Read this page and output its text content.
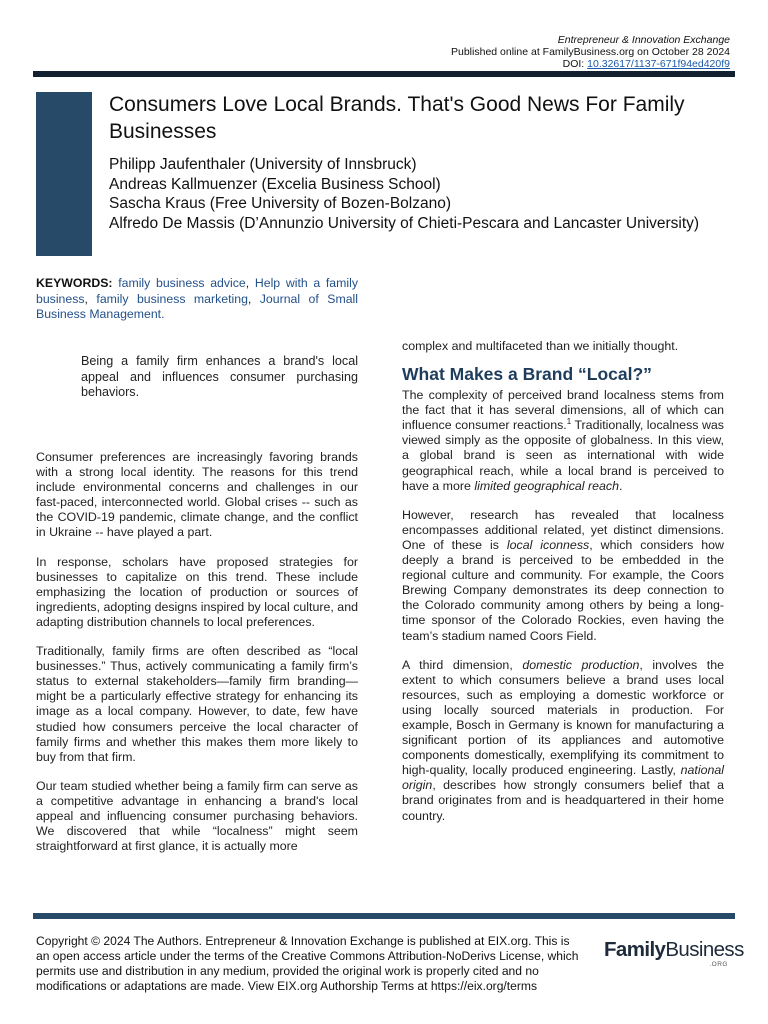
Entrepreneur & Innovation Exchange
Published online at FamilyBusiness.org on October 28 2024
DOI: 10.32617/1137-671f94ed420f9
Consumers Love Local Brands. That's Good News For Family Businesses
Philipp Jaufenthaler (University of Innsbruck)
Andreas Kallmuenzer (Excelia Business School)
Sascha Kraus (Free University of Bozen-Bolzano)
Alfredo De Massis (D’Annunzio University of Chieti-Pescara and Lancaster University)
KEYWORDS: family business advice, Help with a family business, family business marketing, Journal of Small Business Management.
Being a family firm enhances a brand's local appeal and influences consumer purchasing behaviors.

Consumer preferences are increasingly favoring brands with a strong local identity. The reasons for this trend include environmental concerns and challenges in our fast-paced, interconnected world. Global crises -- such as the COVID-19 pandemic, climate change, and the conflict in Ukraine -- have played a part.

In response, scholars have proposed strategies for businesses to capitalize on this trend. These include emphasizing the location of production or sources of ingredients, adopting designs inspired by local culture, and adapting distribution channels to local preferences.

Traditionally, family firms are often described as “local businesses.” Thus, actively communicating a family firm’s status to external stakeholders—family firm branding—might be a particularly effective strategy for enhancing its image as a local company. However, to date, few have studied how consumers perceive the local character of family firms and whether this makes them more likely to buy from that firm.

Our team studied whether being a family firm can serve as a competitive advantage in enhancing a brand's local appeal and influencing consumer purchasing behaviors. We discovered that while “localness” might seem straightforward at first glance, it is actually more

complex and multifaceted than we initially thought.

What Makes a Brand “Local?”

The complexity of perceived brand localness stems from the fact that it has several dimensions, all of which can influence consumer reactions.$^1$ Traditionally, localness was viewed simply as the opposite of globalness. In this view, a global brand is seen as international with wide geographical reach, while a local brand is perceived to have a more limited geographical reach.

However, research has revealed that localness encompasses additional related, yet distinct dimensions. One of these is local iconness, which considers how deeply a brand is perceived to be embedded in the regional culture and community. For example, the Coors Brewing Company demonstrates its deep connection to the Colorado community among others by being a long-time sponsor of the Colorado Rockies, even having the team’s stadium named Coors Field.

A third dimension, domestic production, involves the extent to which consumers believe a brand uses local resources, such as employing a domestic workforce or using locally sourced materials in production. For example, Bosch in Germany is known for manufacturing a significant portion of its appliances and automotive components domestically, exemplifying its commitment to high-quality, locally produced engineering. Lastly, national origin, describes how strongly consumers belief that a brand originates from and is headquartered in their home country.

Copyright © 2024 The Authors. Entrepreneur & Innovation Exchange is published at EIX.org. This is an open access article under the terms of the Creative Commons Attribution-NoDerivs License, which permits use and distribution in any medium, provided the original work is properly cited and no modifications or adaptations are made. View EIX.org Authorship Terms at https://eix.org/terms
FamilyBusiness
.ORG
